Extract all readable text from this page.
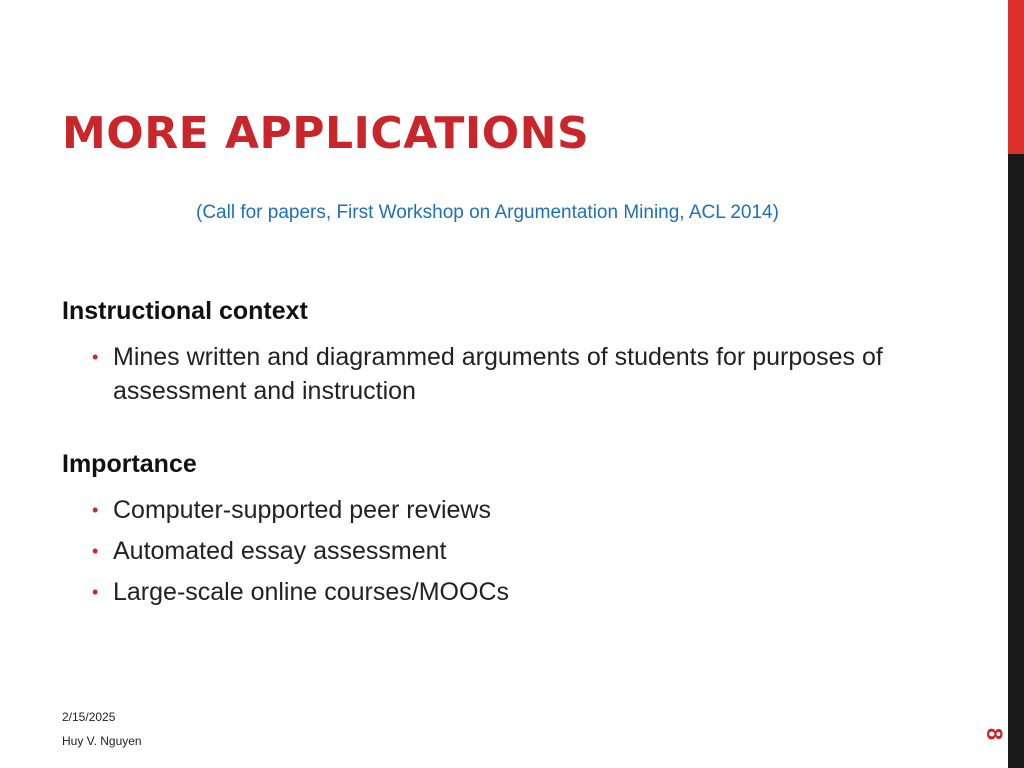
MORE APPLICATIONS
(Call for papers, First Workshop on Argumentation Mining, ACL 2014)
Instructional context
• Mines written and diagrammed arguments of students for purposes of assessment and instruction
Importance
• Computer-supported peer reviews
• Automated essay assessment
• Large-scale online courses/MOOCs
2/15/2025
Huy V. Nguyen	8
